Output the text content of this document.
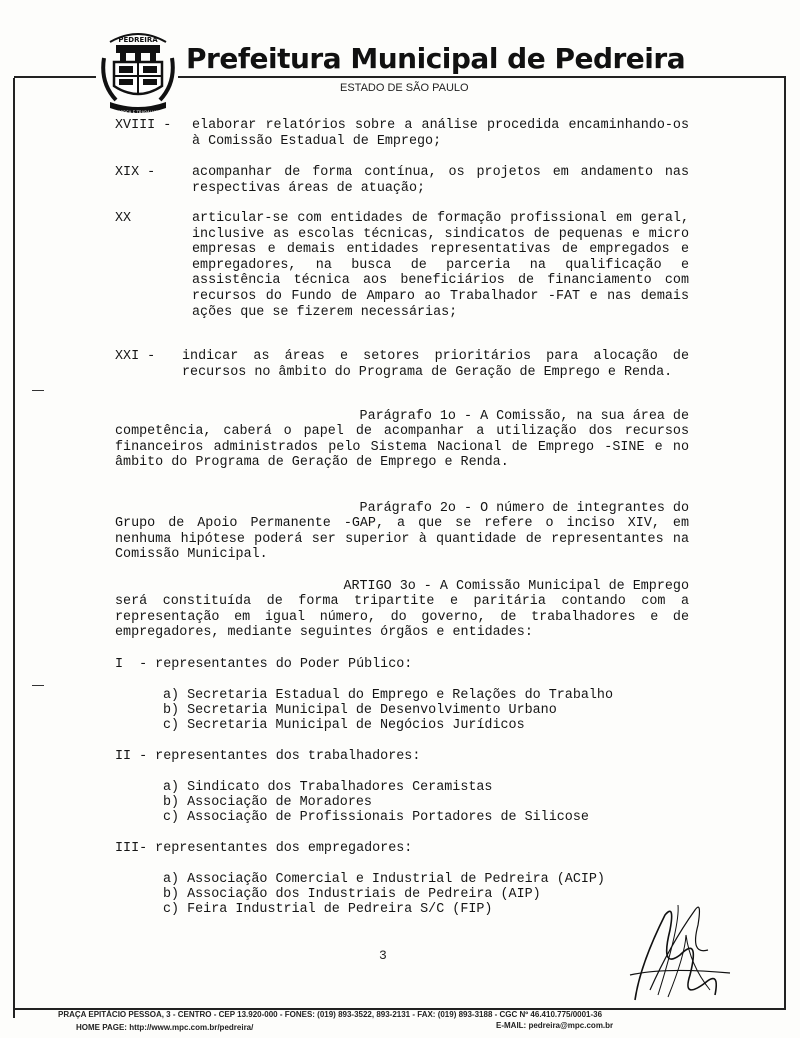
PEDREIRA
FORÇA E TRABALHO
Prefeitura Municipal de Pedreira
ESTADO DE SÃO PAULO
XVIII - elaborar relatórios sobre a análise procedida encaminhando-os à Comissão Estadual de Emprego;
XIX -	acompanhar de forma contínua, os projetos em andamento nas respectivas áreas de atuação;
XX	articular-se com entidades de formação profissional em geral, inclusive as escolas técnicas, sindicatos de pequenas e micro empresas e demais entidades representativas de empregados e empregadores, na busca de parceria na qualificação e assistência técnica aos beneficiários de financiamento com recursos do Fundo de Amparo ao Trabalhador -FAT e nas demais ações que se fizerem necessárias;
XXI - indicar as áreas e setores prioritários para alocação de recursos no âmbito do Programa de Geração de Emprego e Renda.
Parágrafo 1o - A Comissão, na sua área de
competência, caberá o papel de acompanhar a utilização dos recursos financeiros administrados pelo Sistema Nacional de Emprego -SINE e no âmbito do Programa de Geração de Emprego e Renda.
Parágrafo 2o - O número de integrantes do
Grupo de Apoio Permanente -GAP, a que se refere o inciso XIV, em nenhuma hipótese poderá ser superior à quantidade de representantes na Comissão Municipal.
ARTIGO 3o - A Comissão Municipal de Emprego
será constituída de forma tripartite e paritária contando com a representação em igual número, do governo, de trabalhadores e de empregadores, mediante seguintes órgãos e entidades:
I  - representantes do Poder Público:
a) Secretaria Estadual do Emprego e Relações do Trabalho
b) Secretaria Municipal de Desenvolvimento Urbano
c) Secretaria Municipal de Negócios Jurídicos
II - representantes dos trabalhadores:
a) Sindicato dos Trabalhadores Ceramistas
b) Associação de Moradores
c) Associação de Profissionais Portadores de Silicose
III- representantes dos empregadores:
a) Associação Comercial e Industrial de Pedreira (ACIP)
b) Associação dos Industriais de Pedreira (AIP)
c) Feira Industrial de Pedreira S/C (FIP)
3
PRAÇA EPITÁCIO PESSOA, 3 - CENTRO - CEP 13.920-000 - FONES: (019) 893-3522, 893-2131 - FAX: (019) 893-3188 - CGC Nº 46.410.775/0001-36
HOME PAGE: http://www.mpc.com.br/pedreira/	E-MAIL: pedreira@mpc.com.br
